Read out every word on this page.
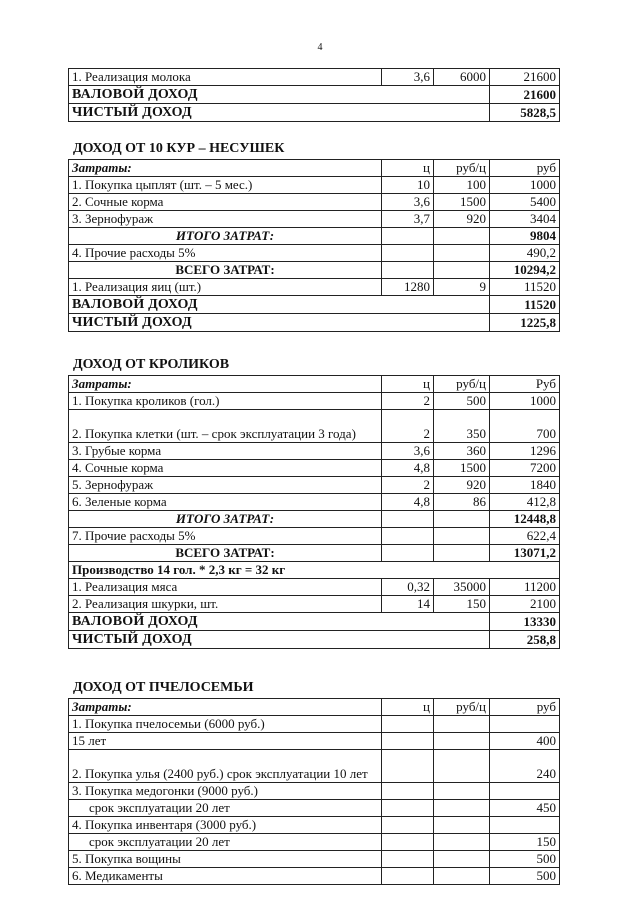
4
1. Реализация молока	3,6	6000	21600
ВАЛОВОЙ ДОХОД			21600
ЧИСТЫЙ ДОХОД			5828,5
ДОХОД ОТ 10 КУР – НЕСУШЕК
Затраты:	ц	руб/ц	руб
1. Покупка цыплят (шт. – 5 мес.)	10	100	1000
2. Сочные корма	3,6	1500	5400
3. Зернофураж	3,7	920	3404
ИТОГО ЗАТРАТ:			9804
4. Прочие расходы 5%			490,2
ВСЕГО ЗАТРАТ:			10294,2
1. Реализация яиц (шт.)	1280	9	11520
ВАЛОВОЙ ДОХОД			11520
ЧИСТЫЙ ДОХОД			1225,8
ДОХОД ОТ КРОЛИКОВ
Затраты:	ц	руб/ц	Руб
1. Покупка кроликов (гол.)	2	500	1000
2. Покупка клетки (шт. – срок эксплуатации 3 года)	2	350	700
3. Грубые корма	3,6	360	1296
4. Сочные корма	4,8	1500	7200
5. Зернофураж	2	920	1840
6. Зеленые корма	4,8	86	412,8
ИТОГО ЗАТРАТ:			12448,8
7. Прочие расходы 5%			622,4
ВСЕГО ЗАТРАТ:			13071,2
Производство 14 гол. * 2,3 кг = 32 кг			
1. Реализация мяса	0,32	35000	11200
2. Реализация шкурки, шт.	14	150	2100
ВАЛОВОЙ ДОХОД			13330
ЧИСТЫЙ ДОХОД			258,8
ДОХОД ОТ ПЧЕЛОСЕМЬИ
Затраты:	ц	руб/ц	руб
1. Покупка пчелосемьи (6000 руб.)			
15 лет			400
2. Покупка улья (2400 руб.) срок эксплуатации 10 лет			240
3. Покупка медогонки (9000 руб.)			
срок эксплуатации 20 лет			450
4. Покупка инвентаря (3000 руб.)			
срок эксплуатации 20 лет			150
5. Покупка вощины			500
6. Медикаменты			500
